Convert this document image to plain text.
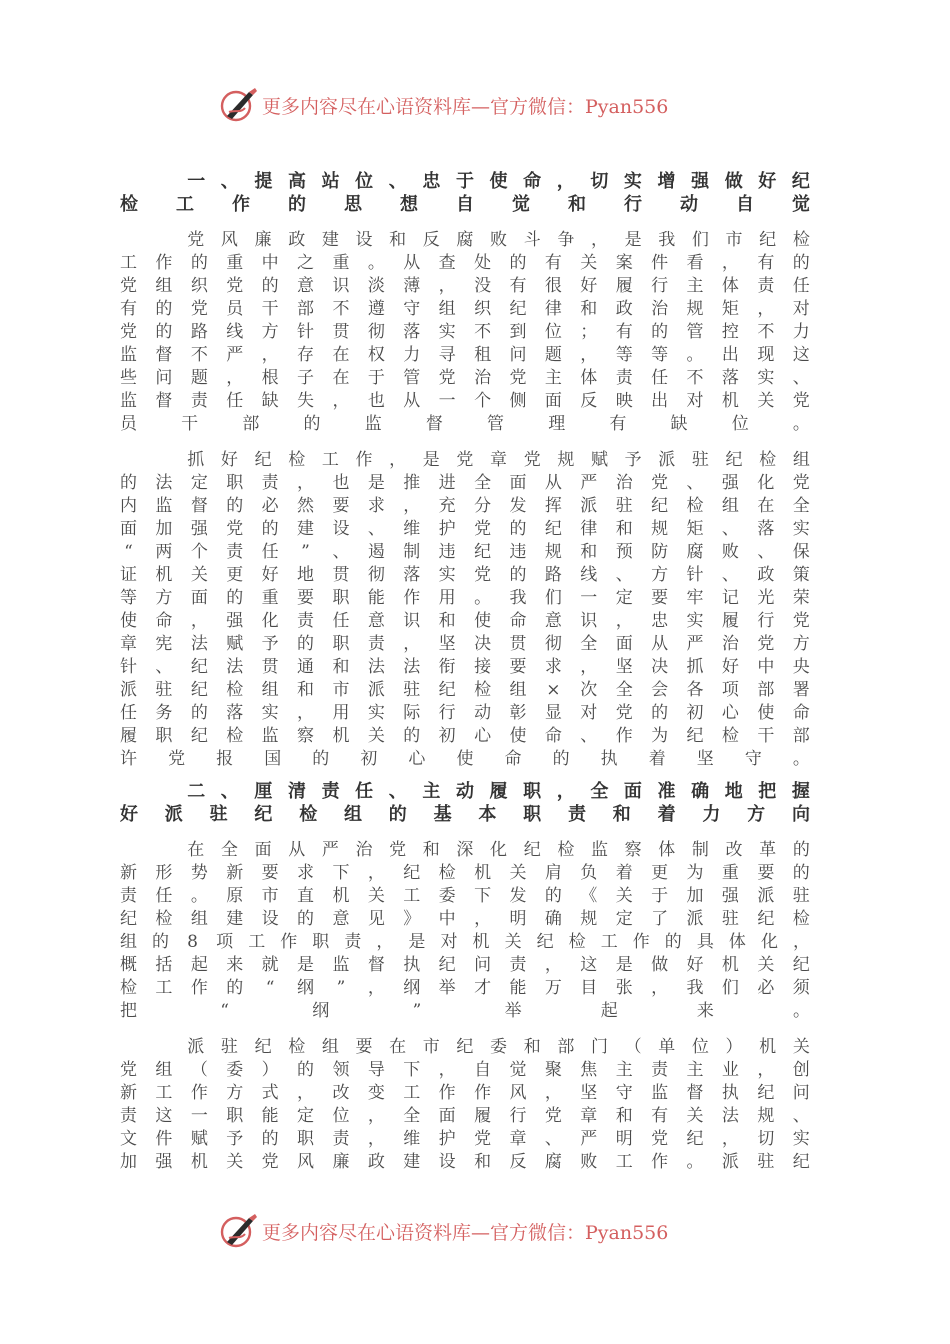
更多内容尽在心语资料库—官方微信：Pyan556

一 、 提 高 站 位 、 忠 于 使 命 ， 切 实 增 强 做 好 纪
检 工 作 的 思 想 自 觉 和 行 动 自 觉

党 风 廉 政 建 设 和 反 腐 败 斗 争 ， 是 我 们 市 纪 检
工 作 的 重 中 之 重 。 从 查 处 的 有 关 案 件 看 ， 有 的
党 组 织 党 的 意 识 淡 薄 ， 没 有 很 好 履 行 主 体 责 任
有 的 党 员 干 部 不 遵 守 组 织 纪 律 和 政 治 规 矩 ， 对
党 的 路 线 方 针 贯 彻 落 实 不 到 位 ； 有 的 管 控 不 力
监 督 不 严 ， 存 在 权 力 寻 租 问 题 ， 等 等 。 出 现 这
些 问 题 ， 根 子 在 于 管 党 治 党 主 体 责 任 不 落 实 、
监 督 责 任 缺 失 ， 也 从 一 个 侧 面 反 映 出 对 机 关 党
员	干	部	的	监	督	管	理	有	缺	位	。

抓 好 纪 检 工 作 ， 是 党 章 党 规 赋 予 派 驻 纪 检 组
的 法 定 职 责 ， 也 是 推 进 全 面 从 严 治 党 、 强 化 党
内 监 督 的 必 然 要 求 ， 充 分 发 挥 派 驻 纪 检 组 在 全
面 加 强 党 的 建 设 、 维 护 党 的 纪 律 和 规 矩 、 落 实
“ 两 个 责 任 ” 、 遏 制 违 纪 违 规 和 预 防 腐 败 、 保
证 机 关 更 好 地 贯 彻 落 实 党 的 路 线 、 方 针 、 政 策
等 方 面 的 重 要 职 能 作 用 。 我 们 一 定 要 牢 记 光 荣
使 命 ， 强 化 责 任 意 识 和 使 命 意 识 ， 忠 实 履 行 党
章 宪 法 赋 予 的 职 责 ， 坚 决 贯 彻 全 面 从 严 治 党 方
针 、 纪 法 贯 通 和 法 法 衔 接 要 求 ， 坚 决 抓 好 中 央
派 驻 纪 检 组 和 市 派 驻 纪 检 组 × 次 全 会 各 项 部 署
任 务 的 落 实 ， 用 实 际 行 动 彰 显 对 党 的 初 心 使 命
履 职 纪 检 监 察 机 关 的 初 心 使 命 、 作 为 纪 检 干 部
许 党 报 国 的 初 心 使 命 的 执 着 坚 守 。

二 、 厘 清 责 任 、 主 动 履 职 ， 全 面 准 确 地 把 握
好 派 驻 纪 检 组 的 基 本 职 责 和 着 力 方 向

在 全 面 从 严 治 党 和 深 化 纪 检 监 察 体 制 改 革 的
新 形 势 新 要 求 下 ， 纪 检 机 关 肩 负 着 更 为 重 要 的
责 任 。 原 市 直 机 关 工 委 下 发 的 《 关 于 加 强 派 驻
纪 检 组 建 设 的 意 见 》 中 ， 明 确 规 定 了 派 驻 纪 检
组 的 8 项 工 作 职 责 ， 是 对 机 关 纪 检 工 作 的 具 体 化 ，
概 括 起 来 就 是 监 督 执 纪 问 责 ， 这 是 做 好 机 关 纪
检 工 作 的 “ 纲 ” ， 纲 举 才 能 万 目 张 ， 我 们 必 须
把	“	纲	”	举	起	来	。

派 驻 纪 检 组 要 在 市 纪 委 和 部 门 （ 单 位 ） 机 关
党 组 （ 委 ） 的 领 导 下 ， 自 觉 聚 焦 主 责 主 业 ， 创
新 工 作 方 式 ， 改 变 工 作 作 风 ， 坚 守 监 督 执 纪 问
责 这 一 职 能 定 位 ， 全 面 履 行 党 章 和 有 关 法 规 、
文 件 赋 予 的 职 责 ， 维 护 党 章 、 严 明 党 纪 ， 切 实
加 强 机 关 党 风 廉 政 建 设 和 反 腐 败 工 作 。 派 驻 纪
更多内容尽在心语资料库—官方微信：Pyan556
